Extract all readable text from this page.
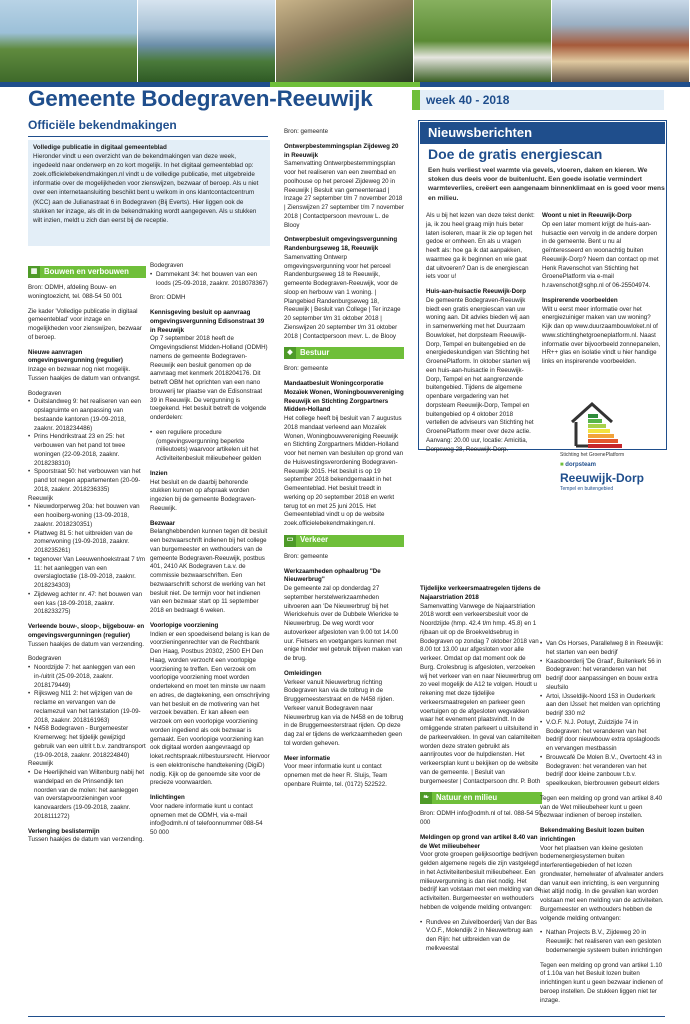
Gemeente Bodegraven-Reeuwijk	week 40 - 2018
Officiële bekendmakingen
Volledige publicatie in digitaal gemeenteblad
Hieronder vindt u een overzicht van de bekendmakingen van deze week, ingedeeld naar onderwerp en zo kort mogelijk. In het digitaal gemeenteblad op: zoek.officielebekendmakingen.nl vindt u de volledige publicatie, met uitgebreide informatie over de mogelijkheden voor zienswijzen, bezwaar of beroep. Als u niet over een internetaansluiting beschikt bent u welkom in ons klantcontactcentrum (KCC) aan de Julianastraat 6 in Bodegraven (Bij Everts). Hier liggen ook de stukken ter inzage, als dit in de bekendmaking wordt aangegeven. Als u stukken wilt inzien, meldt u zich dan eerst bij de receptie.
▦ Bouwen en verbouwen

Bron: ODMH, afdeling Bouw- en woningtoezicht, tel. 088-54 50 001

Zie kader 'Volledige publicatie in digitaal gemeenteblad' voor inzage en mogelijkheden voor zienswijzen, bezwaar of beroep.

Nieuwe aanvragen omgevingsvergunning (regulier)

Inzage en bezwaar nog niet mogelijk. Tussen haakjes de datum van ontvangst.

Bodegraven
• Duitslandweg 9: het realiseren van een opslagruimte en aanpassing van bestaande kantoren (19-09-2018, zaaknr. 2018234486)
• Prins Hendrikstraat 23 en 25: het verbouwen van het pand tot twee woningen (22-09-2018, zaaknr. 2018238310)
• Spoorstraat 50: het verbouwen van het pand tot negen appartementen (20-09-2018, zaaknr. 2018236335)
Reeuwijk
• Nieuwdorperweg 20a: het bouwen van een hooiberg-woning (13-09-2018, zaaknr. 2018230351)
• Plattweg 81 5: het uitbreiden van de zomerwoning (19-09-2018, zaaknr. 2018235261)
• tegenover Van Leeuwenhoekstraat 7 t/m 11: het aanleggen van een overslagloctatie (18-09-2018, zaaknr. 2018234303)
• Zijdeweg achter nr. 47: het bouwen van een kas (18-09-2018, zaaknr. 2018233275)

Verleende bouw-, sloop-, bijgebouw- en omgevingsvergunningen (regulier)

Tussen haakjes de datum van verzending.

Bodegraven
• Noordzijde 7: het aanleggen van een in-/uitrit (25-09-2018, zaaknr. 2018179449)
• Rijksweg N11 2: het wijzigen van de reclame en vervangen van de reclamezuil van het tankstation (19-09-2018, zaaknr. 2018161963)
• N458 Bodegraven - Burgemeester Kremerweg: het tijdelijk gewijzigd gebruik van een uitrit t.b.v. zandtransport (19-09-2018, zaaknr. 2018224840)
Reeuwijk
• De Heerlijkheid van Wiltenburg nabij het wandelpad en de Prinsendijk ten noorden van de molen: het aanleggen van overstapvoorzieningen voor kanovaarders (19-09-2018, zaaknr. 2018111272)

Verlenging beslistermijn

Tussen haakjes de datum van verzending.

Bodegraven
• Dammekant 34: het bouwen van een loods (25-09-2018, zaaknr. 2018078367)

Bron: ODMH

Kennisgeving besluit op aanvraag omgevingsvergunning Edisonstraat 39 in Reeuwijk

Op 7 september 2018 heeft de Omgevingsdienst Midden-Holland (ODMH) namens de gemeente Bodegraven-Reeuwijk een besluit genomen op de aanvraag met kenmerk 2018204176. Dit betreft OBM het oprichten van een nano brouwerij ter plaatse van de Edisonstraat 39 in Reeuwijk. De vergunning is toegekend. Het besluit betreft de volgende onderdelen:

• een reguliere procedure (omgevingsvergunning beperkte milieutoets) waarvoor artikelen uit het Activiteitenbesluit milieubeheer gelden

Inzien

Het besluit en de daarbij behorende stukken kunnen op afspraak worden ingezien bij de gemeente Bodegraven-Reeuwijk.

Bezwaar

Belanghebbenden kunnen tegen dit besluit een bezwaarschrift indienen bij het college van burgemeester en wethouders van de gemeente Bodegraven-Reeuwijk, postbus 401, 2410 AK Bodegraven t.a.v. de commissie bezwaarschriften. Een bezwaarschrift schorst de werking van het besluit niet. De termijn voor het indienen van een bezwaar start op 11 september 2018 en bedraagt 6 weken.

Voorlopige voorziening

Indien er een spoedeisend belang is kan de voorzieningenrechter van de Rechtbank Den Haag, Postbus 20302, 2500 EH Den Haag, worden verzocht een voorlopige voorziening te treffen. Een verzoek om voorlopige voorziening moet worden ondertekend en moet ten minste uw naam en adres, de dagtekening, een omschrijving van het besluit en de motivering van het verzoek bevatten. Er kan alleen een verzoek om een voorlopige voorziening worden ingediend als ook bezwaar is gemaakt. Een voorlopige voorziening kan ook digitaal worden aangevraagd op loket.rechtspraak.nl/bestuursrecht. Hiervoor is een elektronische handtekening (DigiD) nodig. Kijk op de genoemde site voor de precieze voorwaarden.

Inlichtingen

Voor nadere informatie kunt u contact opnemen met de ODMH, via e-mail info@odmh.nl of telefoonnummer 088-54 50 000

Bron: gemeente

Ontwerpbestemmingsplan Zijdeweg 20 in Reeuwijk

Samenvatting Ontwerpbestemmingsplan voor het realiseren van een zwembad en poolhouse op het perceel Zijdeweg 20 in Reeuwijk | Besluit van gemeenteraad | Inzage 27 september t/m 7 november 2018 | Zienswijzen 27 september t/m 7 november 2018 | Contactpersoon mevrouw L. de Blooy

Ontwerpbesluit omgevingsvergunning Randenburgseweg 18, Reeuwijk

Samenvatting Ontwerp omgevingsvergunning voor het perceel Randenburgseweg 18 te Reeuwijk, gemeente Bodegraven-Reeuwijk, voor de sloop en herbouw van 1 woning. | Plangebied Randenburgseweg 18, Reeuwijk | Besluit van College | Ter inzage 20 september t/m 31 oktober 2018 | Zienswijzen 20 september t/m 31 oktober 2018 | Contactpersoon mevr. L. de Blooy

◆ Bestuur

Bron: gemeente

Mandaatbesluit Woningcorporatie Mozaïek Wonen, Woningbouwvereniging Reeuwijk en Stichting Zorgpartners Midden-Holland

Het college heeft bij besluit van 7 augustus 2018 mandaat verleend aan Mozaïek Wonen, Woningbouwvereniging Reeuwijk en Stichting Zorgpartners Midden-Holland voor het nemen van besluiten op grond van de Huisvestingsverordening Bodegraven-Reeuwijk 2015. Het besluit is op 19 september 2018 bekendgemaakt in het Gemeenteblad. Het besluit treedt in werking op 20 september 2018 en werkt terug tot en met 25 juni 2015. Het Gemeenteblad vindt u op de website zoek.officielebekendmakingen.nl.

▭ Verkeer

Bron: gemeente

Werkzaamheden ophaalbrug "De Nieuwerbrug"

De gemeente zal op donderdag 27 september herstelwerkzaamheden uitvoeren aan 'De Nieuwerbrug' bij het Wierickehuis over de Dubbele Wiericke te Nieuwerbrug. De weg wordt voor autoverkeer afgesloten van 9.00 tot 14.00 uur. Fietsers en voetgangers kunnen met enige hinder wel gebruik blijven maken van de brug.

Omleidingen

Verkeer vanuit Nieuwerbrug richting Bodegraven kan via de tolbrug in de Bruggemeesterstraat en de N458 rijden. Verkeer vanuit Bodegraven naar Nieuwerbrug kan via de N458 en de tolbrug in de Bruggemeesterstraat rijden. Op deze dag zal er tijdens de werkzaamheden geen tol worden geheven.

Meer informatie

Voor meer informatie kunt u contact opnemen met de heer R. Sluijs, Team openbare Ruimte, tel. (0172) 522522.

Nieuwsberichten
Doe de gratis energiescan
Een huis verliest veel warmte via gevels, vloeren, daken en kieren. We stoken dus deels voor de buitenlucht. Een goede isolatie vermindert warmteverlies, creëert een aangenaam binnenklimaat en is goed voor mens en milieu.

Als u bij het lezen van deze tekst denkt: ja, ik zou heel graag mijn huis beter laten isoleren, maar ik zie op tegen het gedoe er omheen. En als u vragen heeft als: hoe ga ik dat aanpakken, waarmee ga ik beginnen en wie gaat dat uitvoeren? Dan is de energiescan iets voor u!

Huis-aan-huisactie Reeuwijk-Dorp

De gemeente Bodegraven-Reeuwijk biedt een gratis energiescan van uw woning aan. Dit advies bieden wij aan in samenwerking met het Duurzaam Bouwloket, het dorpsteam Reeuwijk-Dorp, Tempel en buitengebied en de energiedeskundigen van Stichting het GroenePlatform. In oktober starten wij een huis-aan-huisactie in Reeuwijk-Dorp, Tempel en het aangrenzende buitengebied. Tijdens de algemene openbare vergadering van het dorpsteam Reeuwijk-Dorp, Tempel en buitengebied op 4 oktober 2018 vertellen de adviseurs van Stichting het GroenePlatform meer over deze actie. Aanvang: 20.00 uur, locatie: Amicitia, Dorpsweg 28, Reeuwijk-Dorp.

Woont u niet in Reeuwijk-Dorp

Op een later moment krijgt de huis-aan-huisactie een vervolg in de andere dorpen in de gemeente. Bent u nu al geïnteresseerd en woonachtig buiten Reeuwijk-Dorp? Neem dan contact op met Henk Ravenschot van Stichting het GroenePlatform via e-mail h.ravenschot@sghp.nl of 06-25504974.

Inspirerende voorbeelden

Wilt u eerst meer informatie over het energiezuiniger maken van uw woning? Kijk dan op www.duurzaambouwloket.nl of www.stichtinghetgroeneplatform.nl. Naast informatie over bijvoorbeeld zonnepanelen, HR++ glas en isolatie vindt u hier handige links en inspirerende voorbeelden.

Stichting het GroenePlatform
■ dorpsteam
Reeuwijk-Dorp
Tempel en buitengebied
Tijdelijke verkeersmaatregelen tijdens de Najaarstriation 2018

Samenvatting Vanwege de Najaarstriation 2018 wordt een verkeersbesluit voor de Noordzijde (hmp. 42.4 t/m hmp. 45.8) en 1 rijbaan uit op de Broekveldsebrug in Bodegraven op zondag 7 oktober 2018 van 8.00 tot 13.00 uur afgesloten voor alle verkeer. Omdat op dat moment ook de Burg. Crolesbrug is afgesloten, verzoeken wij het verkeer van en naar Nieuwerbrug om zo veel mogelijk de A12 te volgen. Houdt u rekening met deze tijdelijke verkeersmaatregelen en parkeer geen voertuigen op de afgesloten wegvakken waar het evenement plaatsvindt. In de omliggende straten parkeert u uitsluitend in de parkeervakken. In geval van calamiteiten worden deze straten gebruikt als aanrijroutes voor de hulpdiensten. Het verkeersplan kunt u bekijken op de website van de gemeente. | Besluit van burgemeester | Contactpersoon dhr. P. Both

❧ Natuur en milieu

Bron: ODMH info@odmh.nl of tel. 088-54 50 000

Meldingen op grond van artikel 8.40 van de Wet milieubeheer

Voor grote groepen gelijksoortige bedrijven gelden algemene regels die zijn vastgelegd in het Activiteitenbesluit milieubeheer. Een milieuvergunning is dan niet nodig. Het bedrijf kan volstaan met een melding van de activiteiten. Burgemeester en wethouders hebben de volgende melding ontvangen:

• Rundvee en Zuivelboerderij Van der Bas V.O.F., Molendijk 2 in Nieuwerbrug aan den Rijn: het uitbreiden van de melkveestal
• Van Os Horses, Parallelweg 8 in Reeuwijk: het starten van een bedrijf
• Kaasboerderij 'De Graaf', Buitenkerk 56 in Bodegraven: het veranderen van het bedrijf door aanpassingen en bouw extra sleufsilo
• Artoi, IJsseldijk-Noord 153 in Ouderkerk aan den IJssel: het melden van oprichting bedrijf 330 m2
• V.O.F. N.J. Potuyt, Zuidzijde 74 in Bodegraven: het veranderen van het bedrijf door nieuwbouw extra opslagloods en vervangen mestbassin
• Brouwcafé De Molen B.V., Overtocht 43 in Bodegraven: het veranderen van het bedrijf door kleine zanbouw t.b.v. speelkeuken, bierbrouwen gebeurt elders

Tegen een melding op grond van artikel 8.40 van de Wet milieubeheer kunt u geen bezwaar indienen of beroep instellen.

Bekendmaking Besluit lozen buiten inrichtingen

Voor het plaatsen van kleine gesloten bodemenergiesystemen buiten interferentiegebieden of het lozen grondwater, hemelwater of afvalwater anders dan vanuit een inrichting, is een vergunning niet altijd nodig. In die gevallen kan worden volstaan met een melding van de activiteiten. Burgemeester en wethouders hebben de volgende melding ontvangen:

• Nathan Projects B.V., Zijdeweg 20 in Reeuwijk: het realiseren van een gesloten bodemenergie systeem buiten inrichtingen

Tegen een melding op grond van artikel 1.10 of 1.10a van het Besluit lozen buiten inrichtingen kunt u geen bezwaar indienen of beroep instellen. De stukken liggen niet ter inzage.
